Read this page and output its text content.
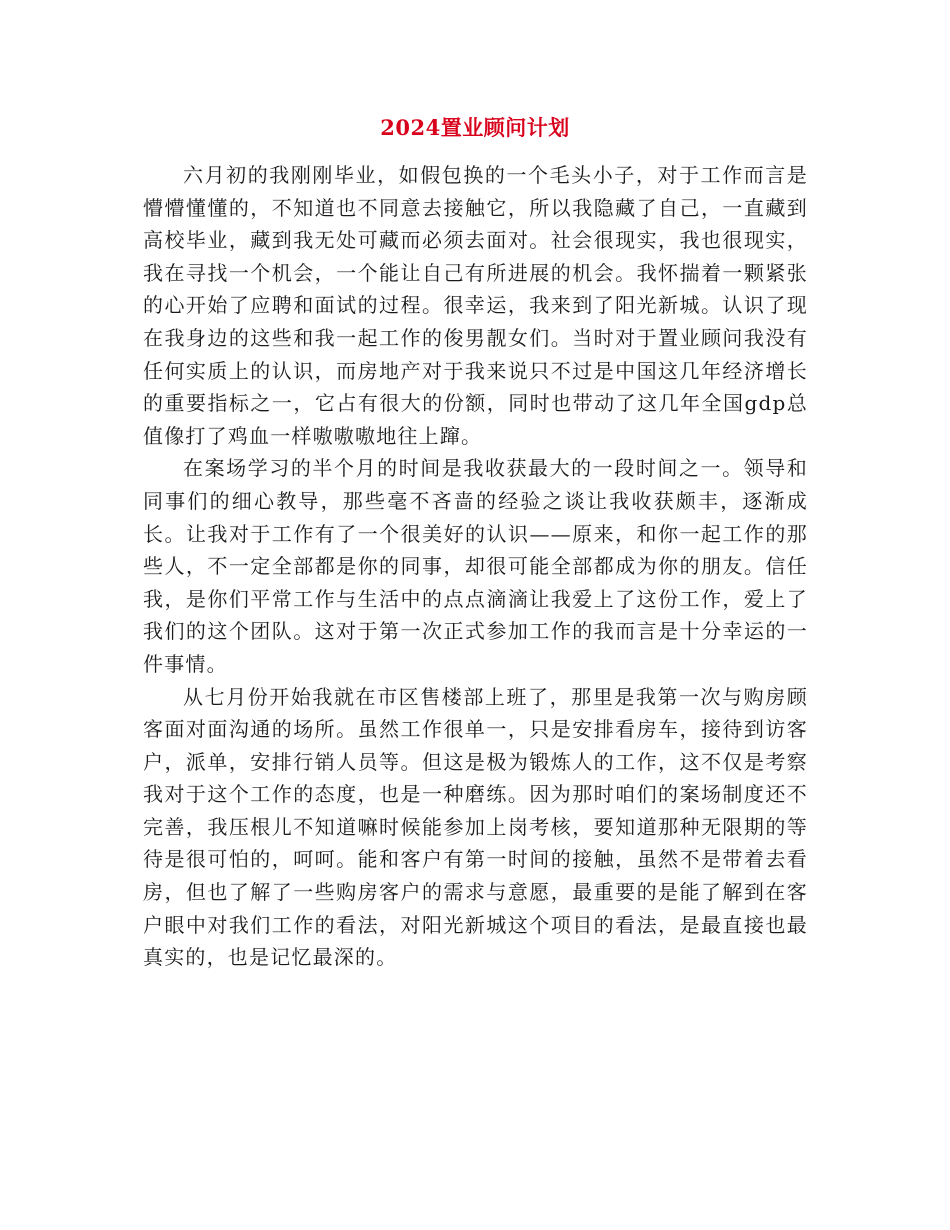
2024置业顾问计划

六月初的我刚刚毕业，如假包换的一个毛头小子，对于工作而言是懵懵懂懂的，不知道也不同意去接触它，所以我隐藏了自己，一直藏到高校毕业，藏到我无处可藏而必须去面对。社会很现实，我也很现实，我在寻找一个机会，一个能让自己有所进展的机会。我怀揣着一颗紧张的心开始了应聘和面试的过程。很幸运，我来到了阳光新城。认识了现在我身边的这些和我一起工作的俊男靓女们。当时对于置业顾问我没有任何实质上的认识，而房地产对于我来说只不过是中国这几年经济增长的重要指标之一，它占有很大的份额，同时也带动了这几年全国gdp总值像打了鸡血一样嗷嗷嗷地往上蹿。

在案场学习的半个月的时间是我收获最大的一段时间之一。领导和同事们的细心教导，那些毫不吝啬的经验之谈让我收获颇丰，逐渐成长。让我对于工作有了一个很美好的认识——原来，和你一起工作的那些人，不一定全部都是你的同事，却很可能全部都成为你的朋友。信任我，是你们平常工作与生活中的点点滴滴让我爱上了这份工作，爱上了我们的这个团队。这对于第一次正式参加工作的我而言是十分幸运的一件事情。

从七月份开始我就在市区售楼部上班了，那里是我第一次与购房顾客面对面沟通的场所。虽然工作很单一，只是安排看房车，接待到访客户，派单，安排行销人员等。但这是极为锻炼人的工作，这不仅是考察我对于这个工作的态度，也是一种磨练。因为那时咱们的案场制度还不完善，我压根儿不知道嘛时候能参加上岗考核，要知道那种无限期的等待是很可怕的，呵呵。能和客户有第一时间的接触，虽然不是带着去看房，但也了解了一些购房客户的需求与意愿，最重要的是能了解到在客户眼中对我们工作的看法，对阳光新城这个项目的看法，是最直接也最真实的，也是记忆最深的。
